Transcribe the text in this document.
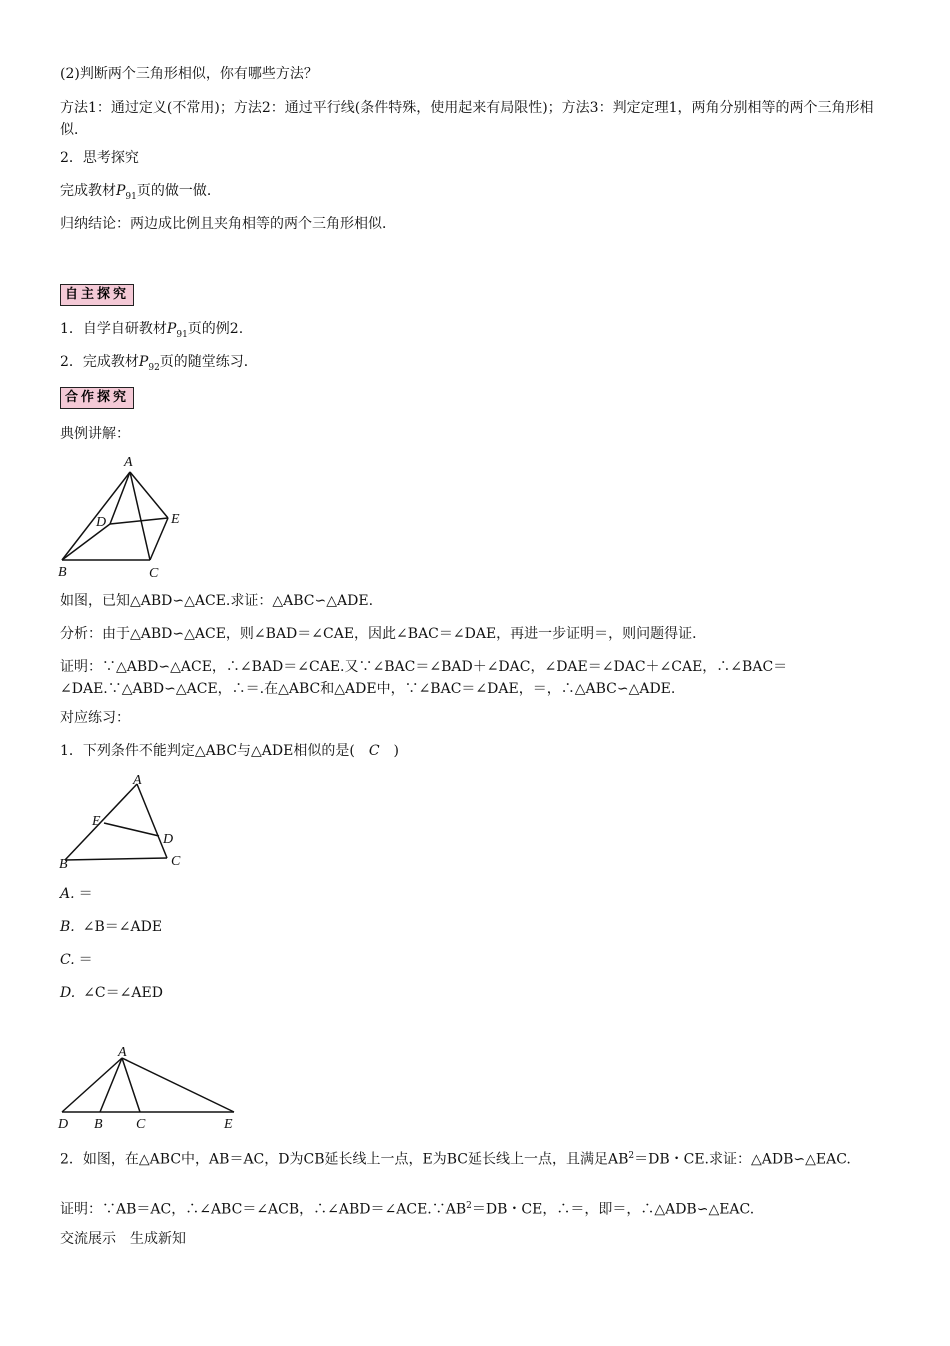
(2)判断两个三角形相似，你有哪些方法？
方法1：通过定义(不常用)；方法2：通过平行线(条件特殊，使用起来有局限性)；方法3：判定定理1，两角分别相等的两个三角形相似．
2．思考探究
完成教材$P_{91}$页的做一做．
归纳结论：两边成比例且夹角相等的两个三角形相似．
自主探究
1．自学自研教材$P_{91}$页的例2.
2．完成教材$P_{92}$页的随堂练习．
合作探究
典例讲解：
A
B	C
D	E
如图，已知△ABD∽△ACE.求证：△ABC∽△ADE.
分析：由于△ABD∽△ACE，则∠BAD＝∠CAE，因此∠BAC＝∠DAE，再进一步证明＝，则问题得证．
证明：∵△ABD∽△ACE，∴∠BAD＝∠CAE.又∵∠BAC＝∠BAD＋∠DAC，∠DAE＝∠DAC＋∠CAE，∴∠BAC＝∠DAE.∵△ABD∽△ACE，∴＝.在△ABC和△ADE中，∵∠BAC＝∠DAE，＝，∴△ABC∽△ADE.
对应练习：
1．下列条件不能判定△ABC与△ADE相似的是( C )
A
B	C
D
E
A. ＝
B. ∠B＝∠ADE
C. ＝
D. ∠C＝∠AED
A
D B C	E
2．如图，在△ABC中，AB＝AC，D为CB延长线上一点，E为BC延长线上一点，且满足$AB^2=DB$・CE.求证：△ADB∽△EAC.
证明：∵AB＝AC，∴∠ABC＝∠ACB，$\therefore\angle ABD=\angle ACE.\because AB^2=DB$・CE，∴＝，即＝，∴△ADB∽△EAC.
交流展示　生成新知
